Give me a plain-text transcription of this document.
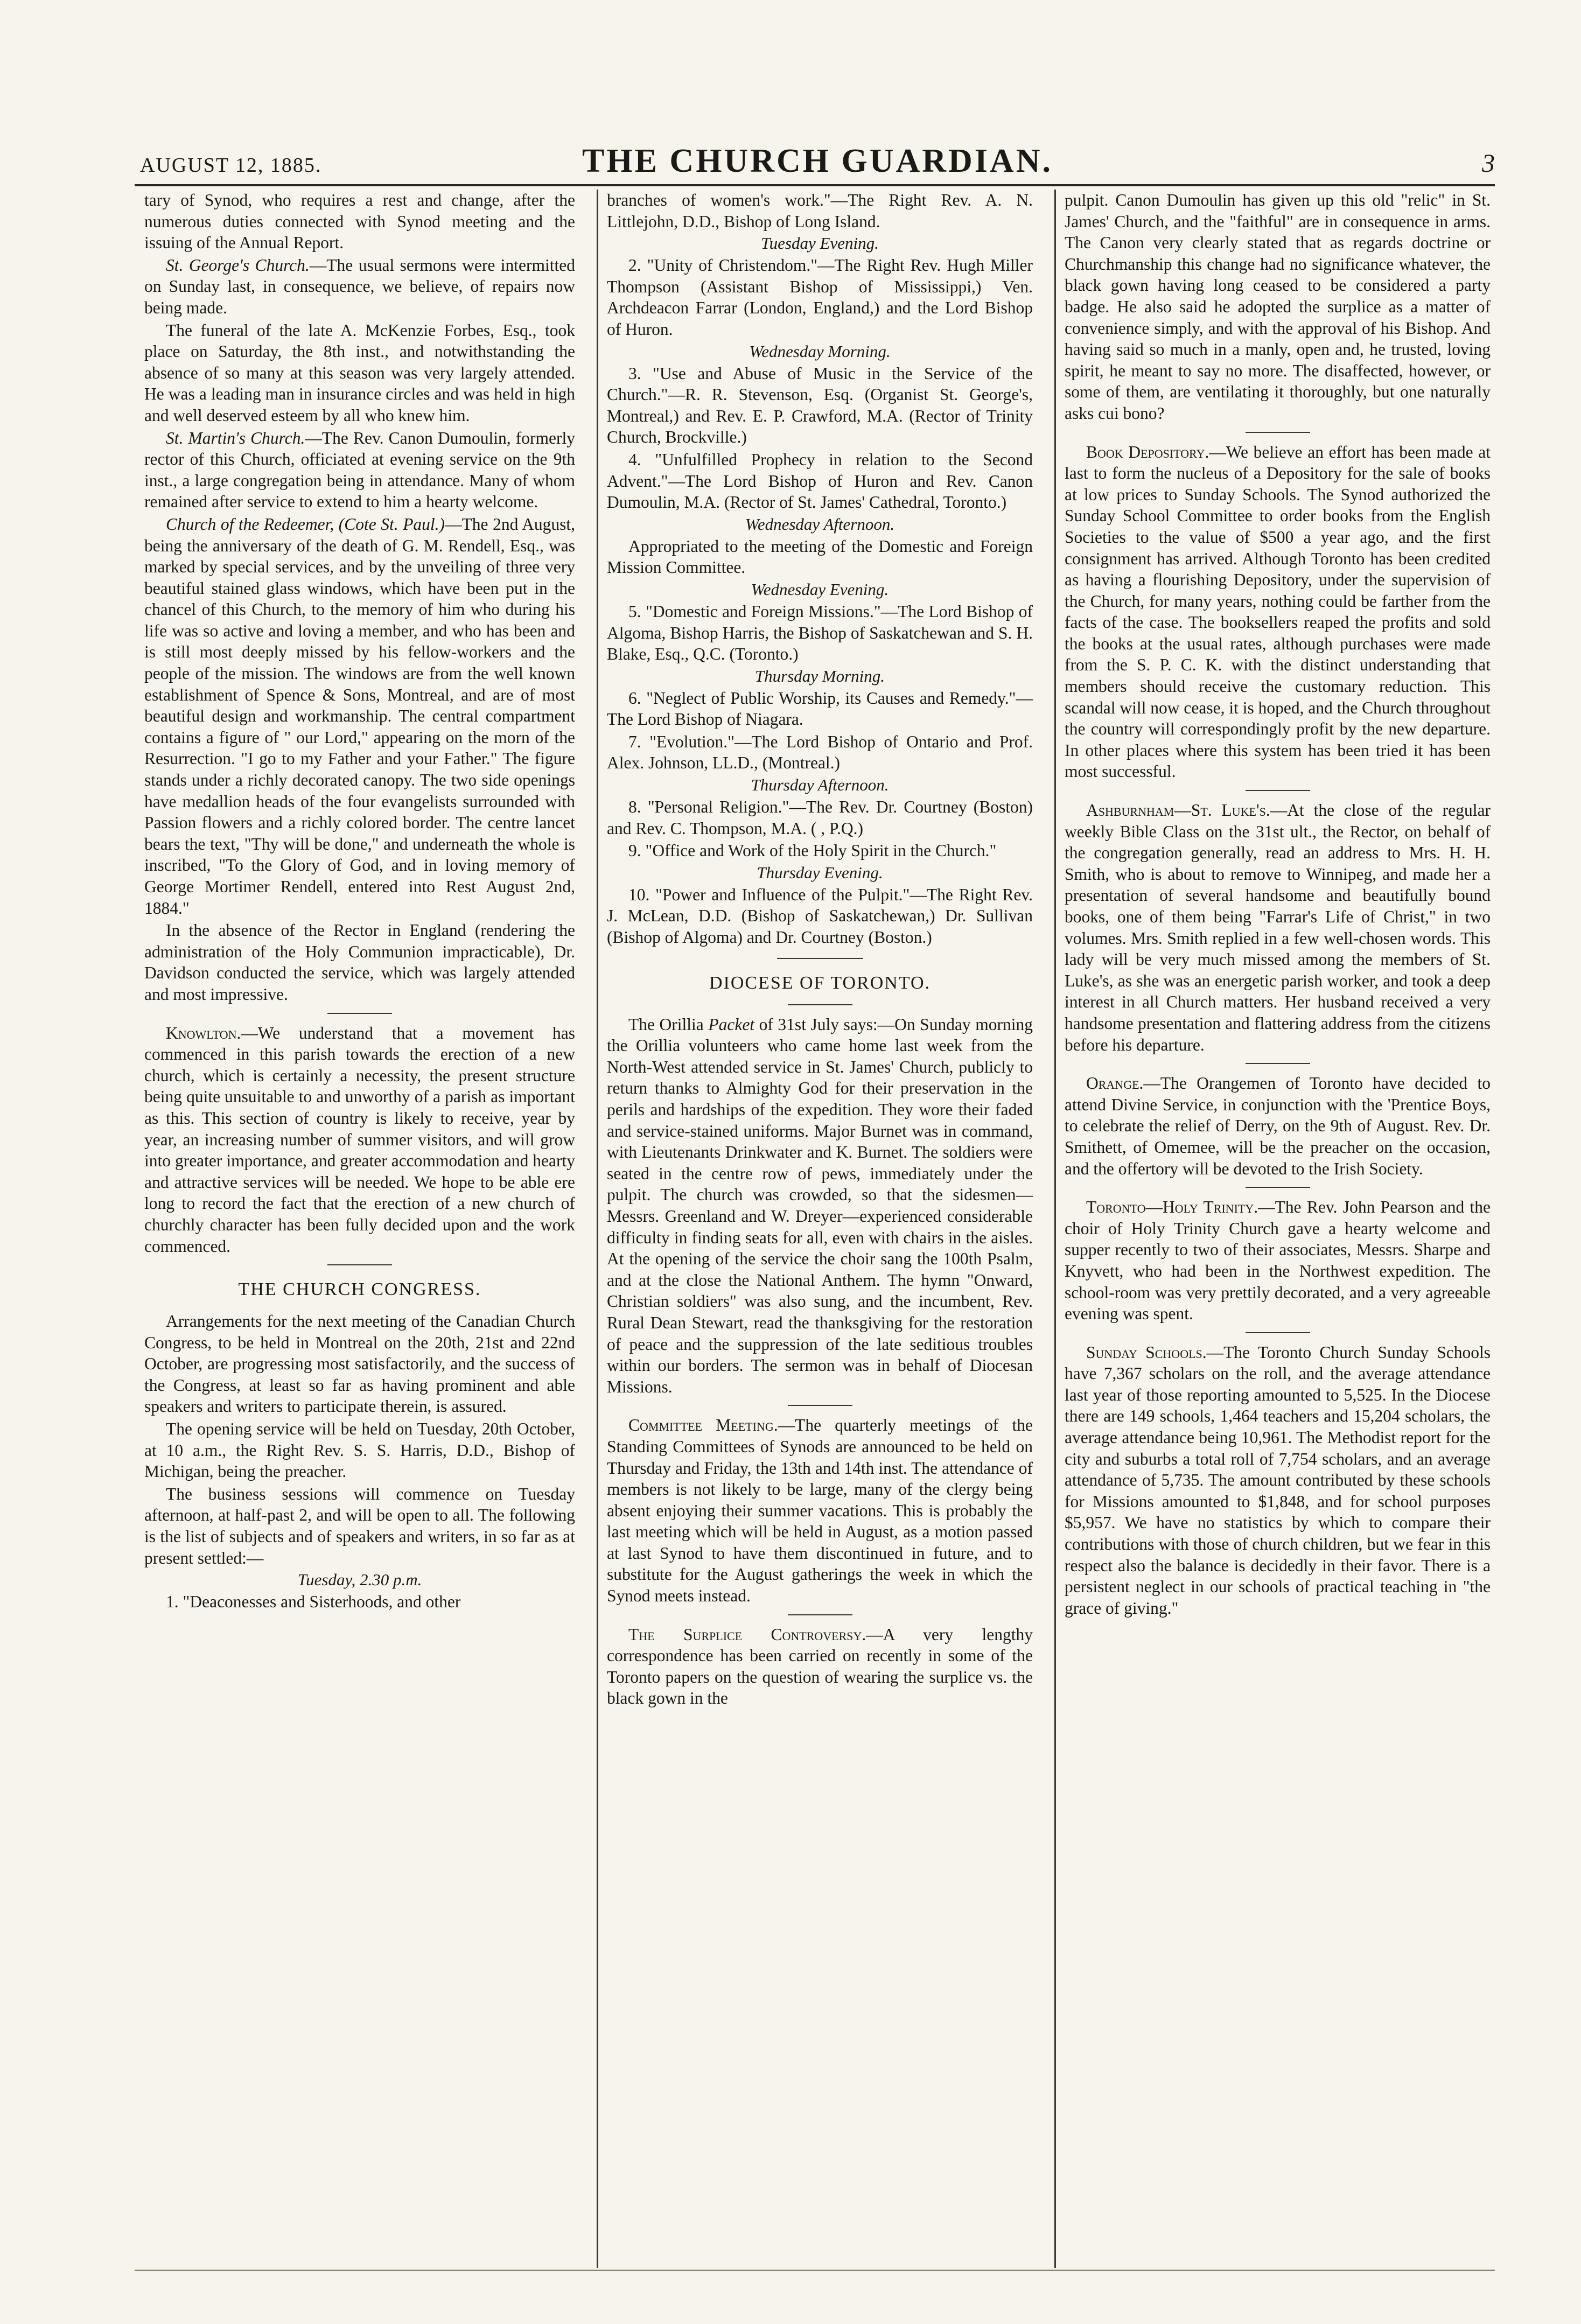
AUGUST 12, 1885.	THE CHURCH GUARDIAN.	3

tary of Synod, who requires a rest and change, after the numerous duties connected with Synod meeting and the issuing of the Annual Report.

St. George's Church.—The usual sermons were intermitted on Sunday last, in consequence, we believe, of repairs now being made.

The funeral of the late A. McKenzie Forbes, Esq., took place on Saturday, the 8th inst., and notwithstanding the absence of so many at this season was very largely attended. He was a leading man in insurance circles and was held in high and well deserved esteem by all who knew him.

St. Martin's Church.—The Rev. Canon Dumoulin, formerly rector of this Church, officiated at evening service on the 9th inst., a large congregation being in attendance. Many of whom remained after service to extend to him a hearty welcome.

Church of the Redeemer, (Cote St. Paul.)—The 2nd August, being the anniversary of the death of G. M. Rendell, Esq., was marked by special services, and by the unveiling of three very beautiful stained glass windows, which have been put in the chancel of this Church, to the memory of him who during his life was so active and loving a member, and who has been and is still most deeply missed by his fellow-workers and the people of the mission. The windows are from the well known establishment of Spence & Sons, Montreal, and are of most beautiful design and workmanship. The central compartment contains a figure of " our Lord," appearing on the morn of the Resurrection. "I go to my Father and your Father." The figure stands under a richly decorated canopy. The two side openings have medallion heads of the four evangelists surrounded with Passion flowers and a richly colored border. The centre lancet bears the text, "Thy will be done," and underneath the whole is inscribed, "To the Glory of God, and in loving memory of George Mortimer Rendell, entered into Rest August 2nd, 1884."

In the absence of the Rector in England (rendering the administration of the Holy Communion impracticable), Dr. Davidson conducted the service, which was largely attended and most impressive.

Knowlton.—We understand that a movement has commenced in this parish towards the erection of a new church, which is certainly a necessity, the present structure being quite unsuitable to and unworthy of a parish as important as this. This section of country is likely to receive, year by year, an increasing number of summer visitors, and will grow into greater importance, and greater accommodation and hearty and attractive services will be needed. We hope to be able ere long to record the fact that the erection of a new church of churchly character has been fully decided upon and the work commenced.

THE CHURCH CONGRESS.

Arrangements for the next meeting of the Canadian Church Congress, to be held in Montreal on the 20th, 21st and 22nd October, are progressing most satisfactorily, and the success of the Congress, at least so far as having prominent and able speakers and writers to participate therein, is assured.

The opening service will be held on Tuesday, 20th October, at 10 a.m., the Right Rev. S. S. Harris, D.D., Bishop of Michigan, being the preacher.

The business sessions will commence on Tuesday afternoon, at half-past 2, and will be open to all. The following is the list of subjects and of speakers and writers, in so far as at present settled:—

Tuesday, 2.30 p.m.

1. "Deaconesses and Sisterhoods, and other

branches of women's work."—The Right Rev. A. N. Littlejohn, D.D., Bishop of Long Island.

Tuesday Evening.

2. "Unity of Christendom."—The Right Rev. Hugh Miller Thompson (Assistant Bishop of Mississippi,) Ven. Archdeacon Farrar (London, England,) and the Lord Bishop of Huron.

Wednesday Morning.

3. "Use and Abuse of Music in the Service of the Church."—R. R. Stevenson, Esq. (Organist St. George's, Montreal,) and Rev. E. P. Crawford, M.A. (Rector of Trinity Church, Brockville.)

4. "Unfulfilled Prophecy in relation to the Second Advent."—The Lord Bishop of Huron and Rev. Canon Dumoulin, M.A. (Rector of St. James' Cathedral, Toronto.)

Wednesday Afternoon.

Appropriated to the meeting of the Domestic and Foreign Mission Committee.

Wednesday Evening.

5. "Domestic and Foreign Missions."—The Lord Bishop of Algoma, Bishop Harris, the Bishop of Saskatchewan and S. H. Blake, Esq., Q.C. (Toronto.)

Thursday Morning.

6. "Neglect of Public Worship, its Causes and Remedy."—The Lord Bishop of Niagara.

7. "Evolution."—The Lord Bishop of Ontario and Prof. Alex. Johnson, LL.D., (Montreal.)

Thursday Afternoon.

8. "Personal Religion."—The Rev. Dr. Courtney (Boston) and Rev. C. Thompson, M.A. ( , P.Q.)

9. "Office and Work of the Holy Spirit in the Church."

Thursday Evening.

10. "Power and Influence of the Pulpit."—The Right Rev. J. McLean, D.D. (Bishop of Saskatchewan,) Dr. Sullivan (Bishop of Algoma) and Dr. Courtney (Boston.)

DIOCESE OF TORONTO.

The Orillia Packet of 31st July says:—On Sunday morning the Orillia volunteers who came home last week from the North-West attended service in St. James' Church, publicly to return thanks to Almighty God for their preservation in the perils and hardships of the expedition. They wore their faded and service-stained uniforms. Major Burnet was in command, with Lieutenants Drinkwater and K. Burnet. The soldiers were seated in the centre row of pews, immediately under the pulpit. The church was crowded, so that the sidesmen—Messrs. Greenland and W. Dreyer—experienced considerable difficulty in finding seats for all, even with chairs in the aisles. At the opening of the service the choir sang the 100th Psalm, and at the close the National Anthem. The hymn "Onward, Christian soldiers" was also sung, and the incumbent, Rev. Rural Dean Stewart, read the thanksgiving for the restoration of peace and the suppression of the late seditious troubles within our borders. The sermon was in behalf of Diocesan Missions.

Committee Meeting.—The quarterly meetings of the Standing Committees of Synods are announced to be held on Thursday and Friday, the 13th and 14th inst. The attendance of members is not likely to be large, many of the clergy being absent enjoying their summer vacations. This is probably the last meeting which will be held in August, as a motion passed at last Synod to have them discontinued in future, and to substitute for the August gatherings the week in which the Synod meets instead.

The Surplice Controversy.—A very lengthy correspondence has been carried on recently in some of the Toronto papers on the question of wearing the surplice vs. the black gown in the

pulpit. Canon Dumoulin has given up this old "relic" in St. James' Church, and the "faithful" are in consequence in arms. The Canon very clearly stated that as regards doctrine or Churchmanship this change had no significance whatever, the black gown having long ceased to be considered a party badge. He also said he adopted the surplice as a matter of convenience simply, and with the approval of his Bishop. And having said so much in a manly, open and, he trusted, loving spirit, he meant to say no more. The disaffected, however, or some of them, are ventilating it thoroughly, but one naturally asks cui bono?

Book Depository.—We believe an effort has been made at last to form the nucleus of a Depository for the sale of books at low prices to Sunday Schools. The Synod authorized the Sunday School Committee to order books from the English Societies to the value of $500 a year ago, and the first consignment has arrived. Although Toronto has been credited as having a flourishing Depository, under the supervision of the Church, for many years, nothing could be farther from the facts of the case. The booksellers reaped the profits and sold the books at the usual rates, although purchases were made from the S. P. C. K. with the distinct understanding that members should receive the customary reduction. This scandal will now cease, it is hoped, and the Church throughout the country will correspondingly profit by the new departure. In other places where this system has been tried it has been most successful.

Ashburnham—St. Luke's.—At the close of the regular weekly Bible Class on the 31st ult., the Rector, on behalf of the congregation generally, read an address to Mrs. H. H. Smith, who is about to remove to Winnipeg, and made her a presentation of several handsome and beautifully bound books, one of them being "Farrar's Life of Christ," in two volumes. Mrs. Smith replied in a few well-chosen words. This lady will be very much missed among the members of St. Luke's, as she was an energetic parish worker, and took a deep interest in all Church matters. Her husband received a very handsome presentation and flattering address from the citizens before his departure.

Orange.—The Orangemen of Toronto have decided to attend Divine Service, in conjunction with the 'Prentice Boys, to celebrate the relief of Derry, on the 9th of August. Rev. Dr. Smithett, of Omemee, will be the preacher on the occasion, and the offertory will be devoted to the Irish Society.

Toronto—Holy Trinity.—The Rev. John Pearson and the choir of Holy Trinity Church gave a hearty welcome and supper recently to two of their associates, Messrs. Sharpe and Knyvett, who had been in the Northwest expedition. The school-room was very prettily decorated, and a very agreeable evening was spent.

Sunday Schools.—The Toronto Church Sunday Schools have 7,367 scholars on the roll, and the average attendance last year of those reporting amounted to 5,525. In the Diocese there are 149 schools, 1,464 teachers and 15,204 scholars, the average attendance being 10,961. The Methodist report for the city and suburbs a total roll of 7,754 scholars, and an average attendance of 5,735. The amount contributed by these schools for Missions amounted to $1,848, and for school purposes $5,957. We have no statistics by which to compare their contributions with those of church children, but we fear in this respect also the balance is decidedly in their favor. There is a persistent neglect in our schools of practical teaching in "the grace of giving."
